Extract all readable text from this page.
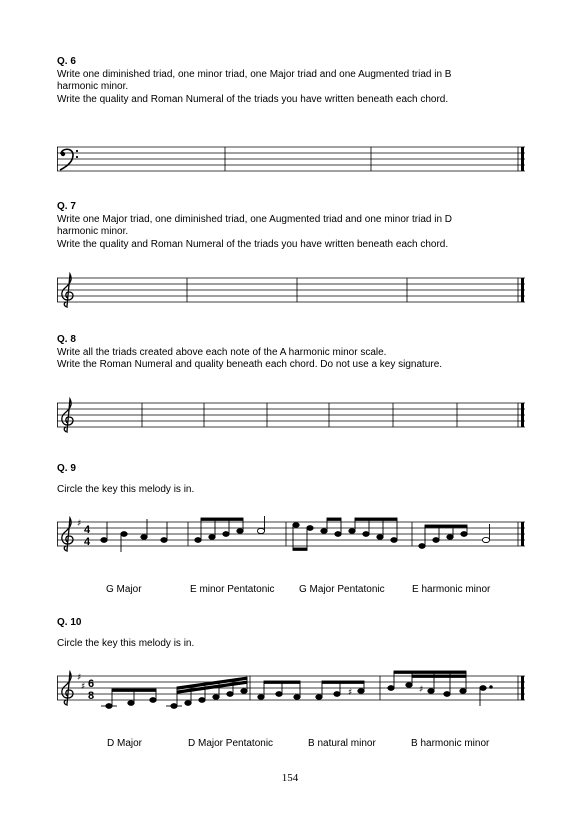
Q. 6
Write one diminished triad, one minor triad, one Major triad and one Augmented triad in B
harmonic minor.
Write the quality and Roman Numeral of the triads you have written beneath each chord.
Q. 7
Write one Major triad, one diminished triad, one Augmented triad and one minor triad in D
harmonic minor.
Write the quality and Roman Numeral of the triads you have written beneath each chord.
Q. 8
Write all the triads created above each note of the A harmonic minor scale.
Write the Roman Numeral and quality beneath each chord. Do not use a key signature.
Q. 9
Circle the key this melody is in.
♯ 4
4
G Major	E minor Pentatonic G Major Pentatonic	E harmonic minor
Q. 10
Circle the key this melody is in.
♯
♯ 6
8	♯	♯
D Major	D Major Pentatonic	B natural minor	B harmonic minor
154
